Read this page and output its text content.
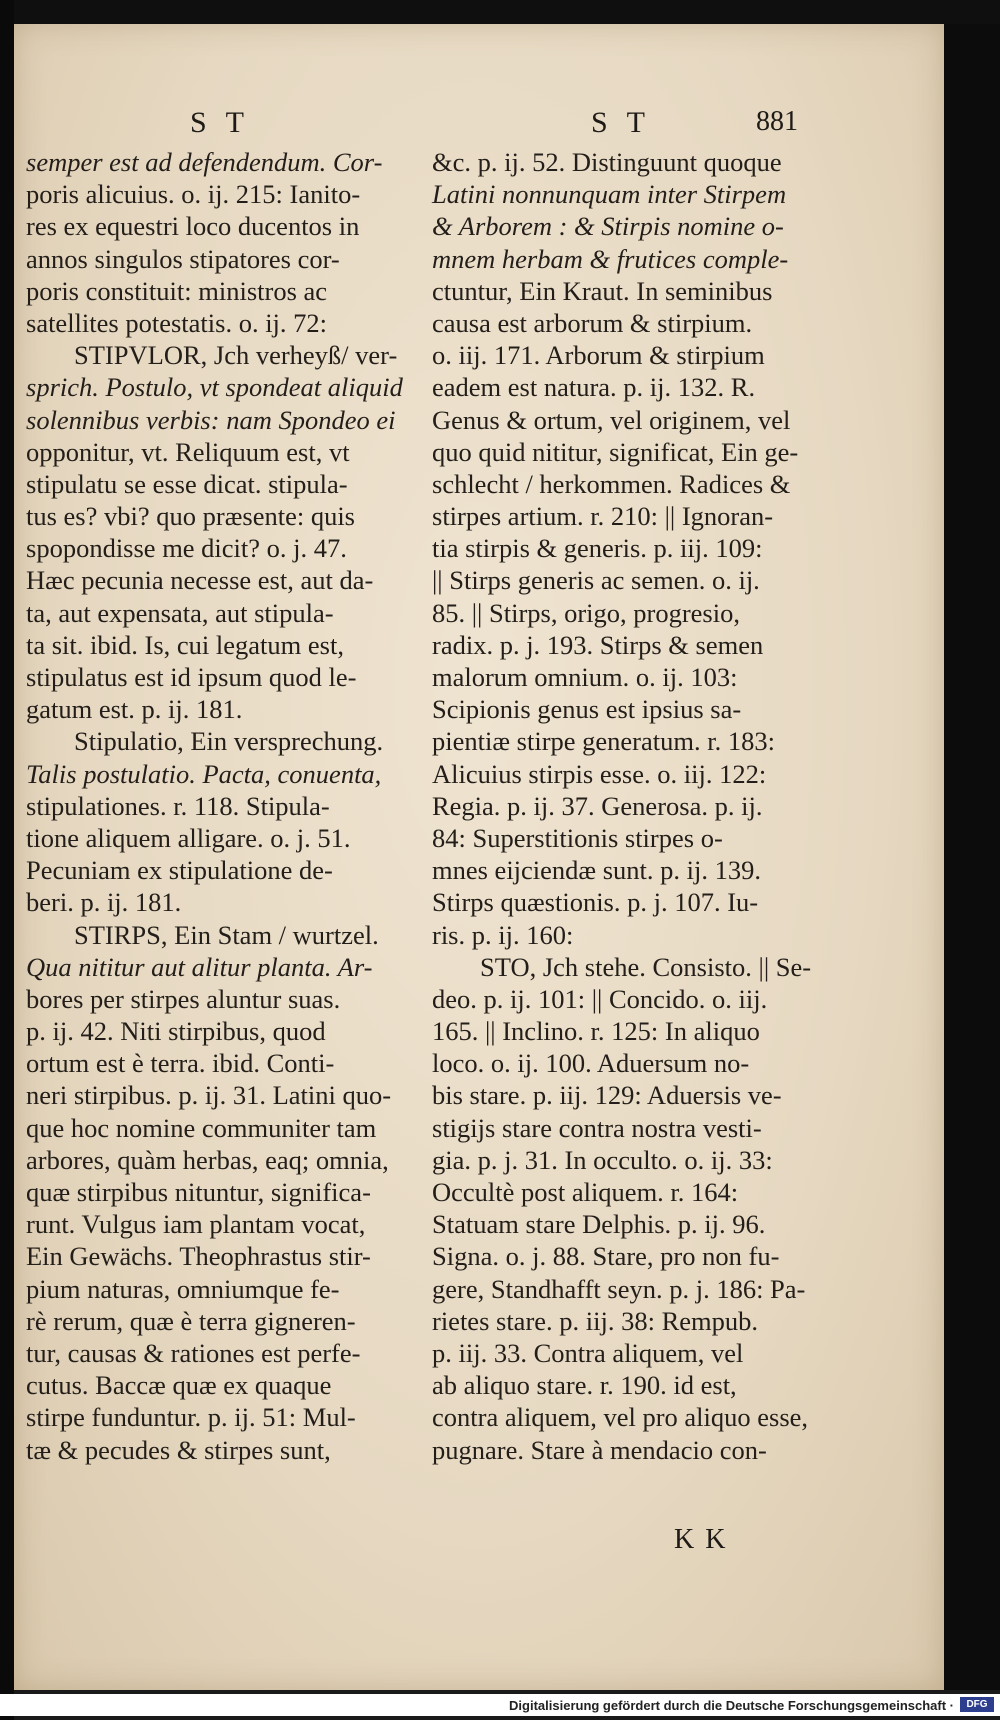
S T	S T	881
semper est ad defendendum. Cor-
poris alicuius. o. ij. 215: Ianito-
res ex equestri loco ducentos in
annos singulos stipatores cor-
poris constituit: ministros ac
satellites potestatis. o. ij. 72:
STIPVLOR, Jch verheyß/ ver-
sprich. Postulo, vt spondeat aliquid
solennibus verbis: nam Spondeo ei
opponitur, vt. Reliquum est, vt
stipulatu se esse dicat. stipula-
tus es? vbi? quo præsente: quis
spopondisse me dicit? o. j. 47.
Hæc pecunia necesse est, aut da-
ta, aut expensata, aut stipula-
ta sit. ibid. Is, cui legatum est,
stipulatus est id ipsum quod le-
gatum est. p. ij. 181.
Stipulatio, Ein versprechung.
Talis postulatio. Pacta, conuenta,
stipulationes. r. 118. Stipula-
tione aliquem alligare. o. j. 51.
Pecuniam ex stipulatione de-
beri. p. ij. 181.
STIRPS, Ein Stam / wurtzel.
Qua nititur aut alitur planta. Ar-
bores per stirpes aluntur suas.
p. ij. 42. Niti stirpibus, quod
ortum est è terra. ibid. Conti-
neri stirpibus. p. ij. 31. Latini quo-
que hoc nomine communiter tam
arbores, quàm herbas, eaq; omnia,
quæ stirpibus nituntur, significa-
runt. Vulgus iam plantam vocat,
Ein Gewächs. Theophrastus stir-
pium naturas, omniumque fe-
rè rerum, quæ è terra gigneren-
tur, causas & rationes est perfe-
cutus. Baccæ quæ ex quaque
stirpe funduntur. p. ij. 51: Mul-
tæ & pecudes & stirpes sunt,
&c. p. ij. 52. Distinguunt quoque
Latini nonnunquam inter Stirpem
& Arborem : & Stirpis nomine o-
mnem herbam & frutices comple-
ctuntur, Ein Kraut. In seminibus
causa est arborum & stirpium.
o. iij. 171. Arborum & stirpium
eadem est natura. p. ij. 132. R.
Genus & ortum, vel originem, vel
quo quid nititur, significat, Ein ge-
schlecht / herkommen. Radices &
stirpes artium. r. 210: || Ignoran-
tia stirpis & generis. p. iij. 109:
|| Stirps generis ac semen. o. ij.
85. || Stirps, origo, progresio,
radix. p. j. 193. Stirps & semen
malorum omnium. o. ij. 103:
Scipionis genus est ipsius sa-
pientiæ stirpe generatum. r. 183:
Alicuius stirpis esse. o. iij. 122:
Regia. p. ij. 37. Generosa. p. ij.
84: Superstitionis stirpes o-
mnes eijciendæ sunt. p. ij. 139.
Stirps quæstionis. p. j. 107. Iu-
ris. p. ij. 160:
STO, Jch stehe. Consisto. || Se-
deo. p. ij. 101: || Concido. o. iij.
165. || Inclino. r. 125: In aliquo
loco. o. ij. 100. Aduersum no-
bis stare. p. iij. 129: Aduersis ve-
stigijs stare contra nostra vesti-
gia. p. j. 31. In occulto. o. ij. 33:
Occultè post aliquem. r. 164:
Statuam stare Delphis. p. ij. 96.
Signa. o. j. 88. Stare, pro non fu-
gere, Standhafft seyn. p. j. 186: Pa-
rietes stare. p. iij. 38: Rempub.
p. iij. 33. Contra aliquem, vel
ab aliquo stare. r. 190. id est,
contra aliquem, vel pro aliquo esse,
pugnare. Stare à mendacio con-
K K
Digitalisierung gefördert durch die Deutsche Forschungsgemeinschaft ·	DFG
